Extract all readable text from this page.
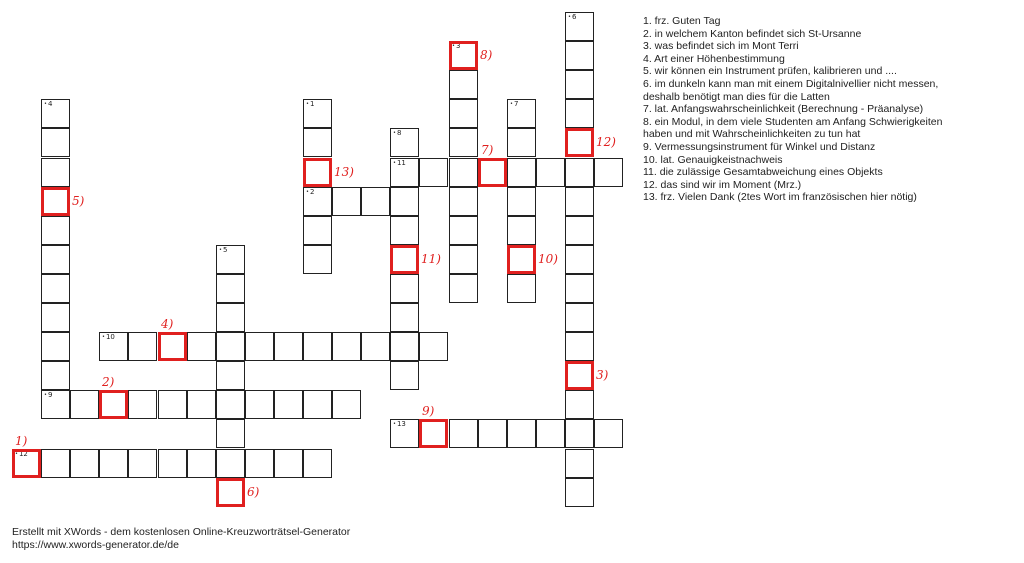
• 1
• 2
• 3
• 4
• 9
• 5
• 6
• 7
• 8
• 11
• 10
• 12
• 13
1)
2)	3)
4)
5)
6)
7)
8)
9)
10)
11)
12)
13)
1. frz. Guten Tag
2. in welchem Kanton befindet sich St-Ursanne
3. was befindet sich im Mont Terri
4. Art einer Höhenbestimmung
5. wir können ein Instrument prüfen, kalibrieren und ....
6. im dunkeln kann man mit einem Digitalnivellier nicht messen,
deshalb benötigt man dies für die Latten
7. lat. Anfangswahrscheinlichkeit (Berechnung - Präanalyse)
8. ein Modul, in dem viele Studenten am Anfang Schwierigkeiten
haben und mit Wahrscheinlichkeiten zu tun hat
9. Vermessungsinstrument für Winkel und Distanz
10. lat. Genauigkeistnachweis
11. die zulässige Gesamtabweichung eines Objekts
12. das sind wir im Moment (Mrz.)
13. frz. Vielen Dank (2tes Wort im französischen hier nötig)
Erstellt mit XWords - dem kostenlosen Online-Kreuzworträtsel-Generator
https://www.xwords-generator.de/de
